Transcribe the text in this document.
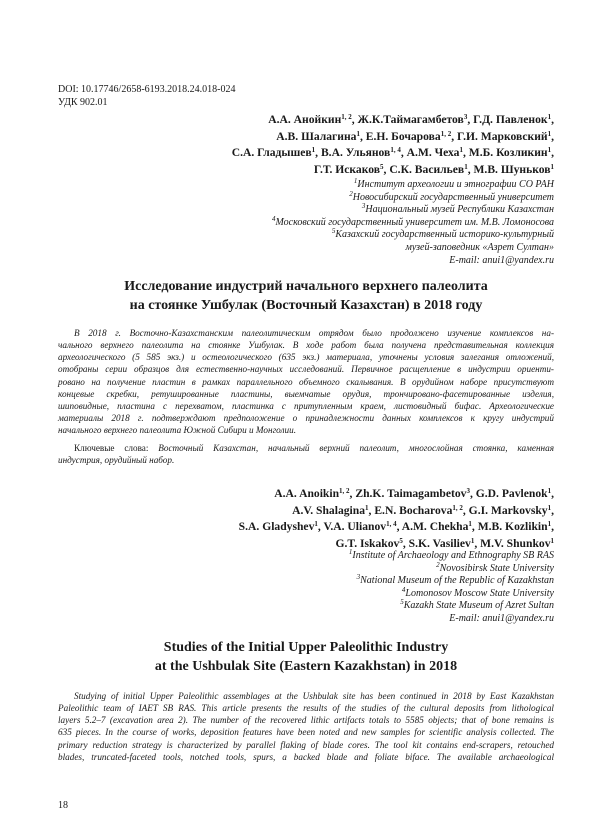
DOI: 10.17746/2658-6193.2018.24.018-024
УДК 902.01
А.А. Анойкин$^{1, 2}$, Ж.К.Таймагамбетов$^3$, Г.Д. Павленок$^1$,
А.В. Шалагина$^1$, Е.Н. Бочарова$^{1, 2}$, Г.И. Марковский$^1$,
С.А. Гладышев$^1$, В.А. Ульянов$^{1, 4}$, А.М. Чеха$^1$, М.Б. Козликин$^1$,
Г.Т. Искаков$^5$, С.К. Васильев$^1$, М.В. Шуньков$^1$
$^1$Институт археологии и этнографии СО РАН
$^2$Новосибирский государственный университет
$^3$Национальный музей Республики Казахстан
$^4$Московский государственный университет им. М.В. Ломоносова
$^5$Казахский государственный историко-культурный
музей-заповедник «Азрет Султан»
E-mail: anui1@yandex.ru
Исследование индустрий начального верхнего палеолита
на стоянке Ушбулак (Восточный Казахстан) в 2018 году
В 2018 г. Восточно-Казахстанским палеолитическим отрядом было продолжено изучение комплексов на-
чального верхнего палеолита на стоянке Ушбулак. В ходе работ была получена представительная коллекция
археологического (5 585 экз.) и остеологического (635 экз.) материала, уточнены условия залегания отложений,
отобраны серии образцов для естественно-научных исследований. Первичное расщепление в индустрии ориенти-
ровано на получение пластин в рамках параллельного объемного скалывания. В орудийном наборе присутствуют
концевые скребки, ретушированные пластины, выемчатые орудия, трончировано-фасетированные изделия,
шиповидные, пластина с перехватом, пластинка с притупленным краем, листовидный бифас. Археологические
материалы 2018 г. подтверждают предположение о принадлежности данных комплексов к кругу индустрий
начального верхнего палеолита Южной Сибири и Монголии.
Ключевые слова: Восточный Казахстан, начальный верхний палеолит, многослойная стоянка, каменная
индустрия, орудийный набор.
A.A. Anoikin$^{1, 2}$, Zh.K. Taimagambetov$^3$, G.D. Pavlenok$^1$,
A.V. Shalagina$^1$, E.N. Bocharova$^{1, 2}$, G.I. Markovsky$^1$,
S.A. Gladyshev$^1$, V.A. Ulianov$^{1, 4}$, A.M. Chekha$^1$, M.B. Kozlikin$^1$,
G.T. Iskakov$^5$, S.K. Vasiliev$^1$, M.V. Shunkov$^1$
$^1$Institute of Archaeology and Ethnography SB RAS
$^2$Novosibirsk State University
$^3$National Museum of the Republic of Kazakhstan
$^4$Lomonosov Moscow State University
$^5$Kazakh State Museum of Azret Sultan
E-mail: anui1@yandex.ru
Studies of the Initial Upper Paleolithic Industry
at the Ushbulak Site (Eastern Kazakhstan) in 2018
Studying of initial Upper Paleolithic assemblages at the Ushbulak site has been continued in 2018 by East Kazakhstan
Paleolithic team of IAET SB RAS. This article presents the results of the studies of the cultural deposits from lithological
layers 5.2–7 (excavation area 2). The number of the recovered lithic artifacts totals to 5585 objects; that of bone remains is
635 pieces. In the course of works, deposition features have been noted and new samples for scientific analysis collected. The
primary reduction strategy is characterized by parallel flaking of blade cores. The tool kit contains end-scrapers, retouched
blades, truncated-faceted tools, notched tools, spurs, a backed blade and foliate biface. The available archaeological
18
